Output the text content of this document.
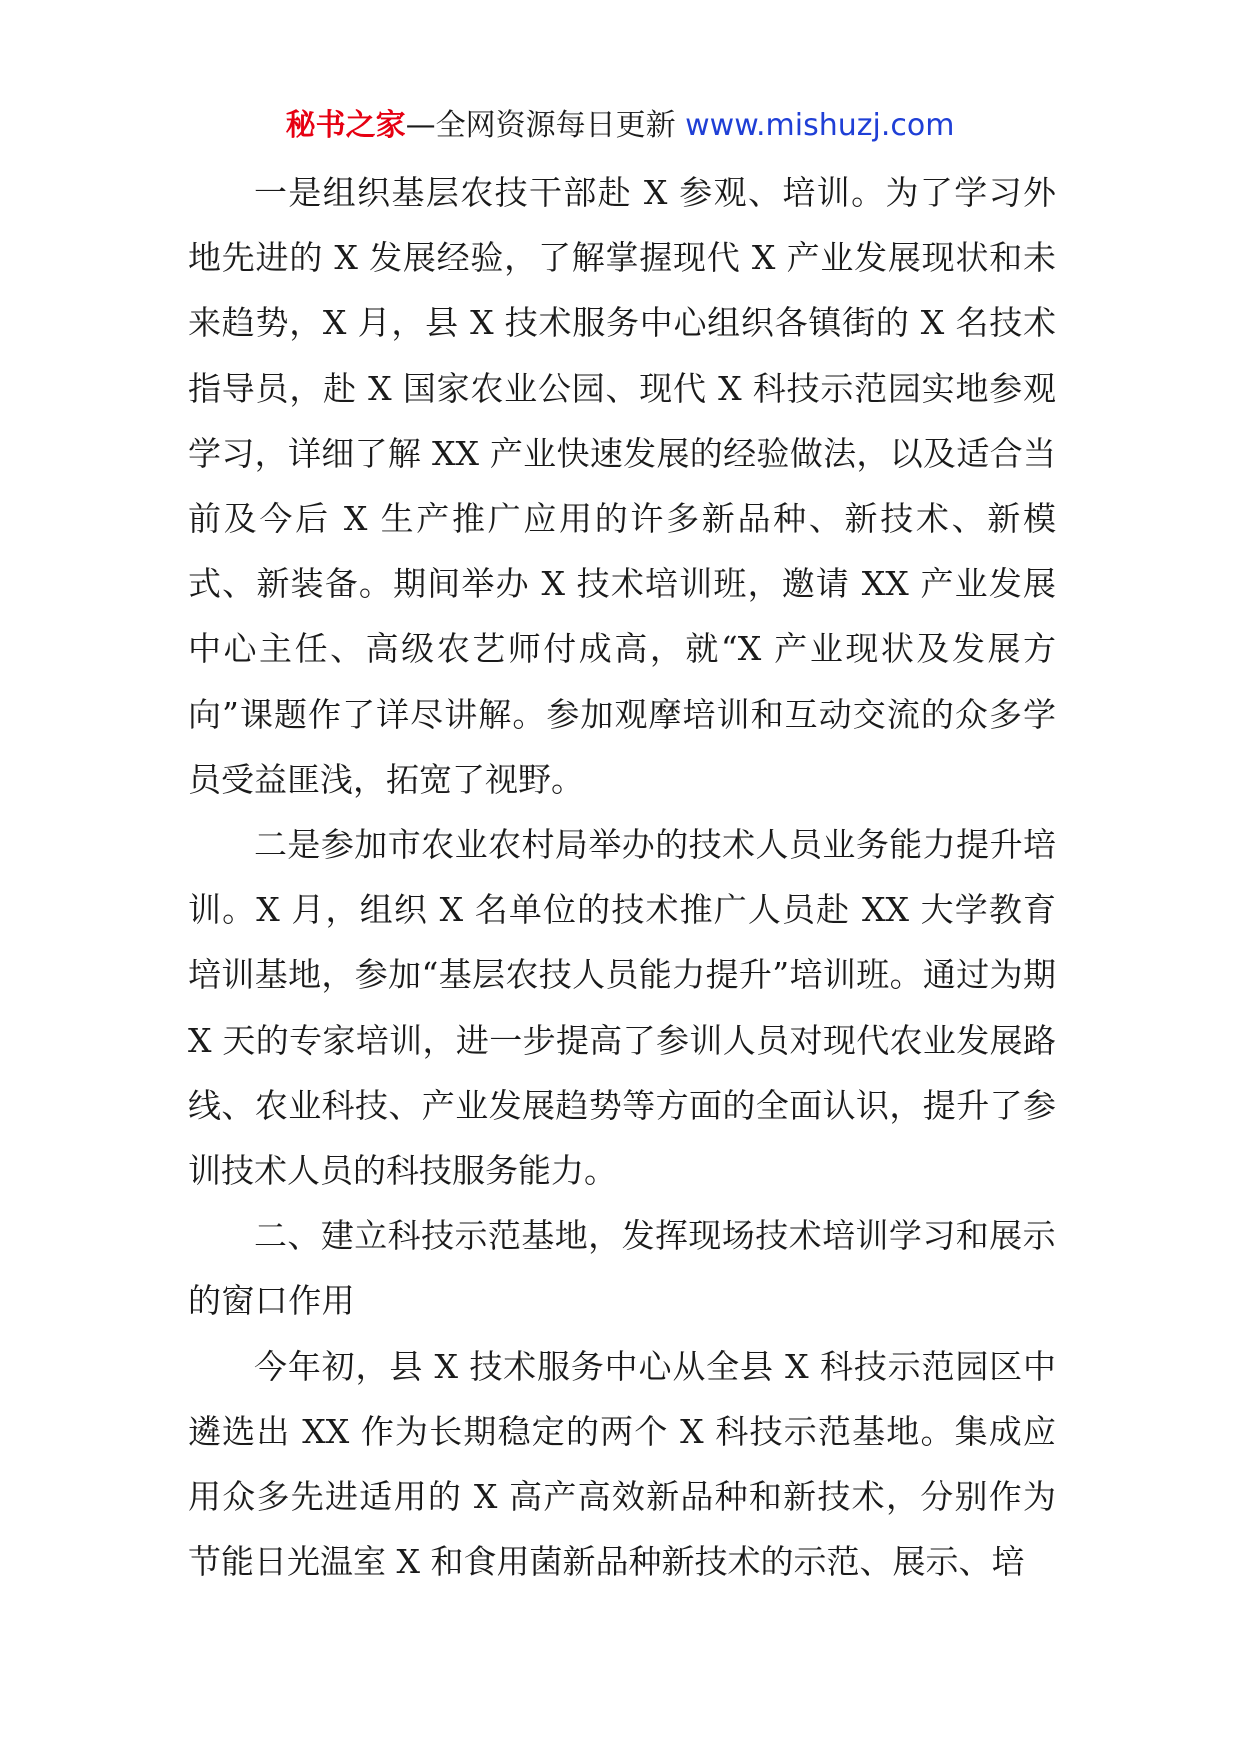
秘书之家—全网资源每日更新 www.mishuzj.com

一是组织基层农技干部赴 X 参观、培训。为了学习外地先进的 X 发展经验，了解掌握现代 X 产业发展现状和未来趋势，X 月，县 X 技术服务中心组织各镇街的 X 名技术指导员，赴 X 国家农业公园、现代 X 科技示范园实地参观学习，详细了解 XX 产业快速发展的经验做法，以及适合当前及今后 X 生产推广应用的许多新品种、新技术、新模式、新装备。期间举办 X 技术培训班，邀请 XX 产业发展中心主任、高级农艺师付成高，就“X 产业现状及发展方向”课题作了详尽讲解。参加观摩培训和互动交流的众多学员受益匪浅，拓宽了视野。

二是参加市农业农村局举办的技术人员业务能力提升培训。X 月，组织 X 名单位的技术推广人员赴 XX 大学教育培训基地，参加“基层农技人员能力提升”培训班。通过为期 X 天的专家培训，进一步提高了参训人员对现代农业发展路线、农业科技、产业发展趋势等方面的全面认识，提升了参训技术人员的科技服务能力。

二、建立科技示范基地，发挥现场技术培训学习和展示的窗口作用

今年初，县 X 技术服务中心从全县 X 科技示范园区中遴选出 XX 作为长期稳定的两个 X 科技示范基地。集成应用众多先进适用的 X 高产高效新品种和新技术，分别作为节能日光温室 X 和食用菌新品种新技术的示范、展示、培
